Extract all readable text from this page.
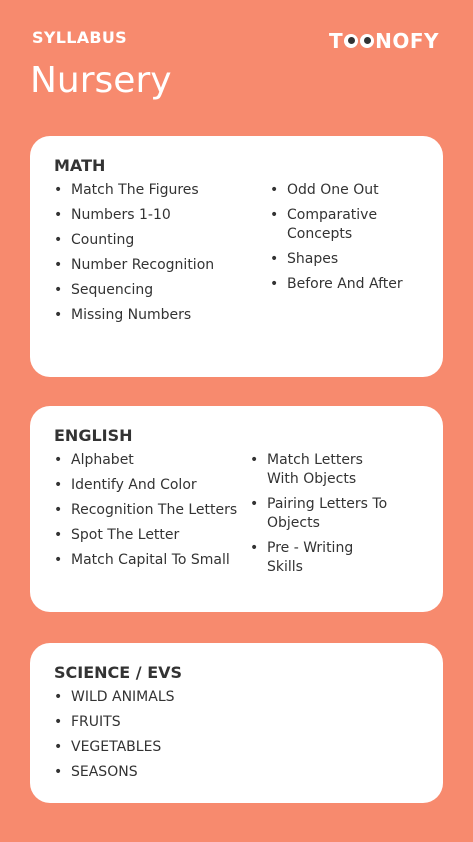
SYLLABUS
Nursery
T NOFY
MATH
• Match The Figures
• Numbers 1-10
• Counting
• Number Recognition
• Sequencing
• Missing Numbers
• Odd One Out
• Comparative Concepts
• Shapes
• Before And After
ENGLISH
• Alphabet
• Identify And Color
• Recognition The Letters
• Spot The Letter
• Match Capital To Small
• Match Letters With Objects
• Pairing Letters To Objects
• Pre - Writing Skills
SCIENCE / EVS
• WILD ANIMALS
• FRUITS
• VEGETABLES
• SEASONS
